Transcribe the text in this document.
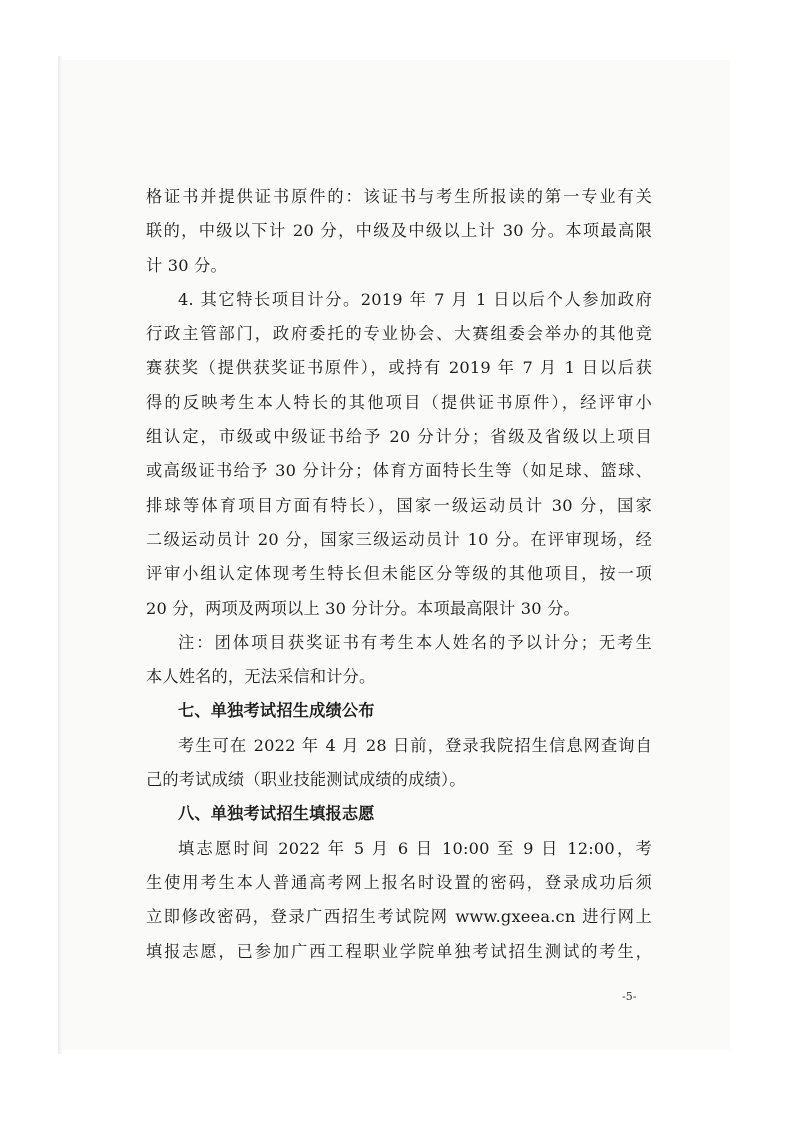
格证书并提供证书原件的：该证书与考生所报读的第一专业有关
联的，中级以下计 20 分，中级及中级以上计 30 分。本项最高限
计 30 分。
4. 其它特长项目计分。2019 年 7 月 1 日以后个人参加政府
行政主管部门，政府委托的专业协会、大赛组委会举办的其他竞
赛获奖（提供获奖证书原件），或持有 2019 年 7 月 1 日以后获
得的反映考生本人特长的其他项目（提供证书原件），经评审小
组认定，市级或中级证书给予 20 分计分；省级及省级以上项目
或高级证书给予 30 分计分；体育方面特长生等（如足球、篮球、
排球等体育项目方面有特长），国家一级运动员计 30 分，国家
二级运动员计 20 分，国家三级运动员计 10 分。在评审现场，经
评审小组认定体现考生特长但未能区分等级的其他项目，按一项
20 分，两项及两项以上 30 分计分。本项最高限计 30 分。
注：团体项目获奖证书有考生本人姓名的予以计分；无考生
本人姓名的，无法采信和计分。
七、单独考试招生成绩公布
考生可在 2022 年 4 月 28 日前，登录我院招生信息网查询自
己的考试成绩（职业技能测试成绩的成绩）。
八、单独考试招生填报志愿
填志愿时间 2022 年 5 月 6 日 10:00 至 9 日 12:00，考
生使用考生本人普通高考网上报名时设置的密码，登录成功后须
立即修改密码，登录广西招生考试院网 www.gxeea.cn 进行网上
填报志愿，已参加广西工程职业学院单独考试招生测试的考生，
-5-
